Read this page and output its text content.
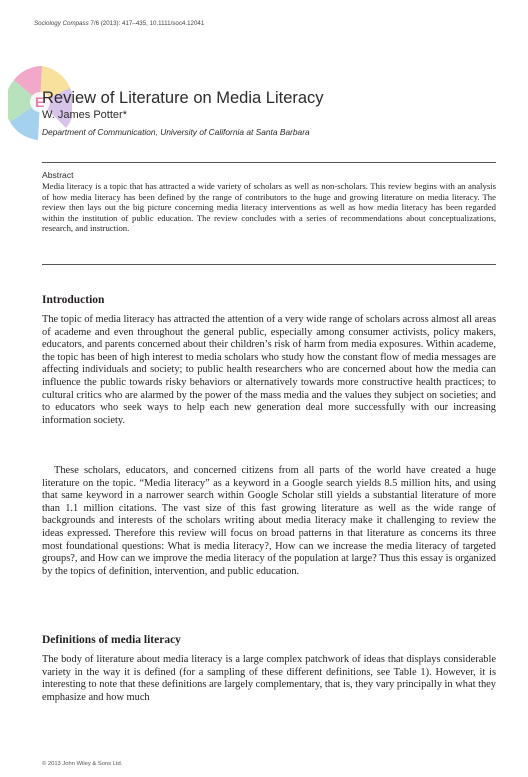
Sociology Compass 7/6 (2013): 417–435, 10.1111/soc4.12041
E
Review of Literature on Media Literacy
W. James Potter*
Department of Communication, University of California at Santa Barbara
Abstract

Media literacy is a topic that has attracted a wide variety of scholars as well as non-scholars. This review begins with an analysis of how media literacy has been defined by the range of contributors to the huge and growing literature on media literacy. The review then lays out the big picture concerning media literacy interventions as well as how media literacy has been regarded within the institution of public education. The review concludes with a series of recommendations about conceptualizations, research, and instruction.

Introduction

The topic of media literacy has attracted the attention of a very wide range of scholars across almost all areas of academe and even throughout the general public, especially among consumer activists, policy makers, educators, and parents concerned about their children’s risk of harm from media exposures. Within academe, the topic has been of high interest to media scholars who study how the constant flow of media messages are affecting individuals and society; to public health researchers who are concerned about how the media can influence the public towards risky behaviors or alternatively towards more constructive health practices; to cultural critics who are alarmed by the power of the mass media and the values they subject on societies; and to educators who seek ways to help each new generation deal more successfully with our increasing information society.

These scholars, educators, and concerned citizens from all parts of the world have created a huge literature on the topic. “Media literacy” as a keyword in a Google search yields 8.5 million hits, and using that same keyword in a narrower search within Google Scholar still yields a substantial literature of more than 1.1 million citations. The vast size of this fast growing literature as well as the wide range of backgrounds and interests of the scholars writing about media literacy make it challenging to review the ideas expressed. Therefore this review will focus on broad patterns in that literature as concerns its three most foundational questions: What is media literacy?, How can we increase the media literacy of targeted groups?, and How can we improve the media literacy of the population at large? Thus this essay is organized by the topics of definition, intervention, and public education.

Definitions of media literacy

The body of literature about media literacy is a large complex patchwork of ideas that displays considerable variety in the way it is defined (for a sampling of these different definitions, see Table 1). However, it is interesting to note that these definitions are largely complementary, that is, they vary principally in what they emphasize and how much

© 2013 John Wiley & Sons Ltd.
